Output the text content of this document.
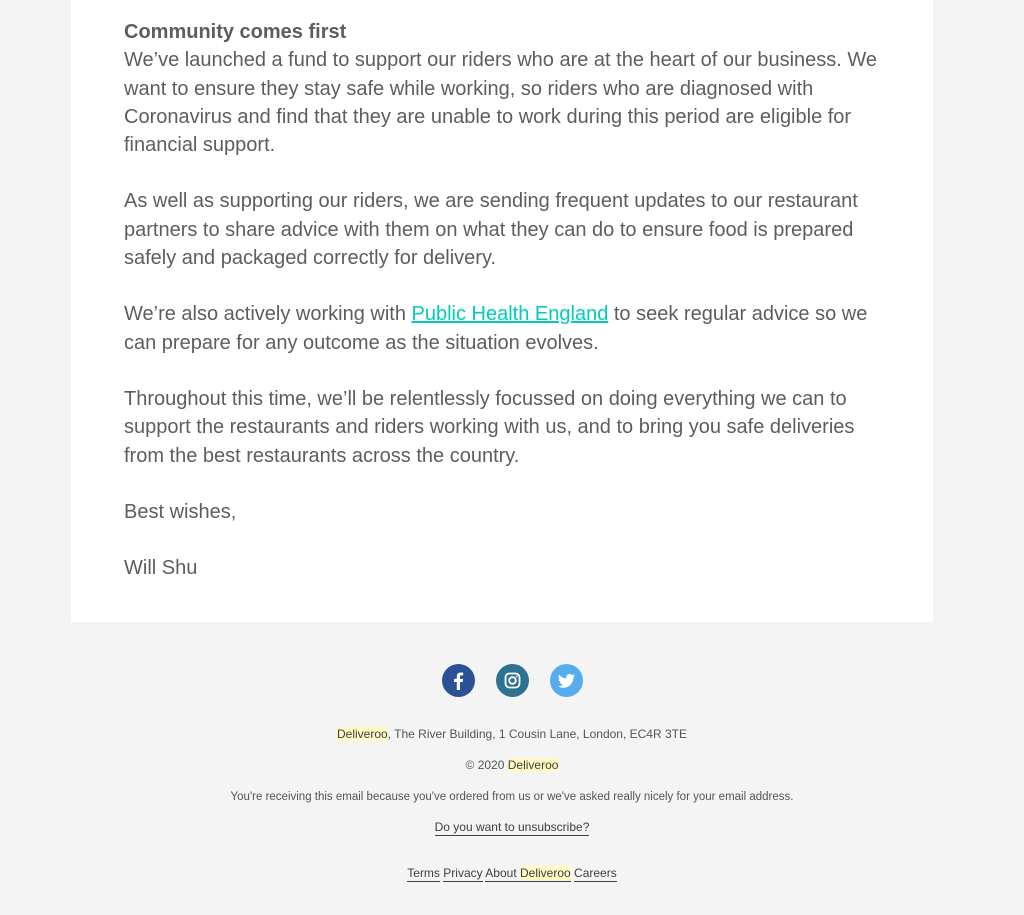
Community comes first

We’ve launched a fund to support our riders who are at the heart of our business. We want to ensure they stay safe while working, so riders who are diagnosed with Coronavirus and find that they are unable to work during this period are eligible for financial support.

As well as supporting our riders, we are sending frequent updates to our restaurant partners to share advice with them on what they can do to ensure food is prepared safely and packaged correctly for delivery.

We’re also actively working with Public Health England to seek regular advice so we can prepare for any outcome as the situation evolves.

Throughout this time, we’ll be relentlessly focussed on doing everything we can to support the restaurants and riders working with us, and to bring you safe deliveries from the best restaurants across the country.

Best wishes,

Will Shu

Deliveroo, The River Building, 1 Cousin Lane, London, EC4R 3TE
© 2020 Deliveroo
You're receiving this email because you've ordered from us or we've asked really nicely for your email address.
Do you want to unsubscribe?
Terms Privacy About Deliveroo Careers
